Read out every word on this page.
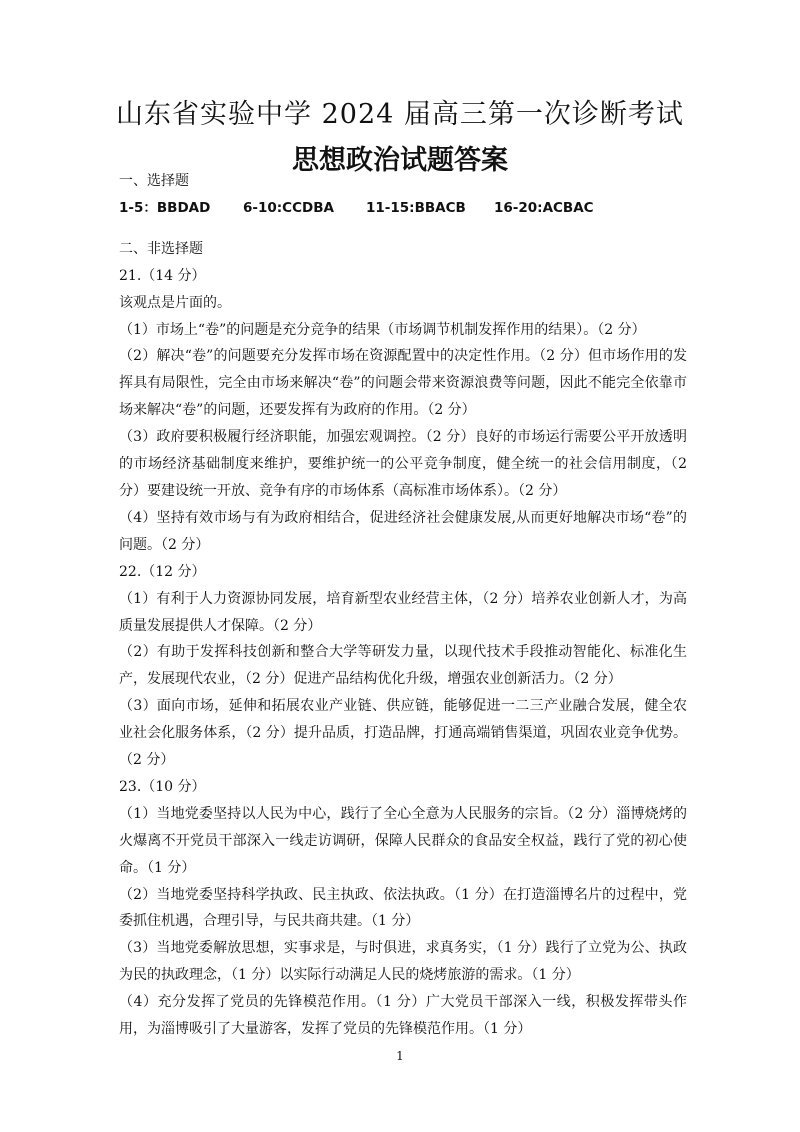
山东省实验中学 2024 届高三第一次诊断考试
思想政治试题答案
一、选择题
1-5：BBDAD	6-10:CCDBA	11-15:BBACB	16-20:ACBAC
二、非选择题
21.（14 分）
该观点是片面的。
（1）市场上“卷”的问题是充分竞争的结果（市场调节机制发挥作用的结果）。（2 分）
（2）解决“卷”的问题要充分发挥市场在资源配置中的决定性作用。（2 分）但市场作用的发挥具有局限性，完全由市场来解决“卷”的问题会带来资源浪费等问题，因此不能完全依靠市场来解决“卷”的问题，还要发挥有为政府的作用。（2 分）
（3）政府要积极履行经济职能，加强宏观调控。（2 分）良好的市场运行需要公平开放透明的市场经济基础制度来维护，要维护统一的公平竞争制度，健全统一的社会信用制度，（2 分）要建设统一开放、竞争有序的市场体系（高标准市场体系）。（2 分）
（4）坚持有效市场与有为政府相结合，促进经济社会健康发展,从而更好地解决市场“卷”的问题。（2 分）
22.（12 分）
（1）有利于人力资源协同发展，培育新型农业经营主体，（2 分）培养农业创新人才，为高质量发展提供人才保障。（2 分）
（2）有助于发挥科技创新和整合大学等研发力量，以现代技术手段推动智能化、标准化生产，发展现代农业，（2 分）促进产品结构优化升级，增强农业创新活力。（2 分）
（3）面向市场，延伸和拓展农业产业链、供应链，能够促进一二三产业融合发展，健全农业社会化服务体系，（2 分）提升品质，打造品牌，打通高端销售渠道，巩固农业竞争优势。（2 分）
23.（10 分）
（1）当地党委坚持以人民为中心，践行了全心全意为人民服务的宗旨。（2 分）淄博烧烤的火爆离不开党员干部深入一线走访调研，保障人民群众的食品安全权益，践行了党的初心使命。（1 分）
（2）当地党委坚持科学执政、民主执政、依法执政。（1 分）在打造淄博名片的过程中，党委抓住机遇，合理引导，与民共商共建。（1 分）
（3）当地党委解放思想，实事求是，与时俱进，求真务实，（1 分）践行了立党为公、执政为民的执政理念，（1 分）以实际行动满足人民的烧烤旅游的需求。（1 分）
（4）充分发挥了党员的先锋模范作用。（1 分）广大党员干部深入一线，积极发挥带头作用，为淄博吸引了大量游客，发挥了党员的先锋模范作用。（1 分）
1
